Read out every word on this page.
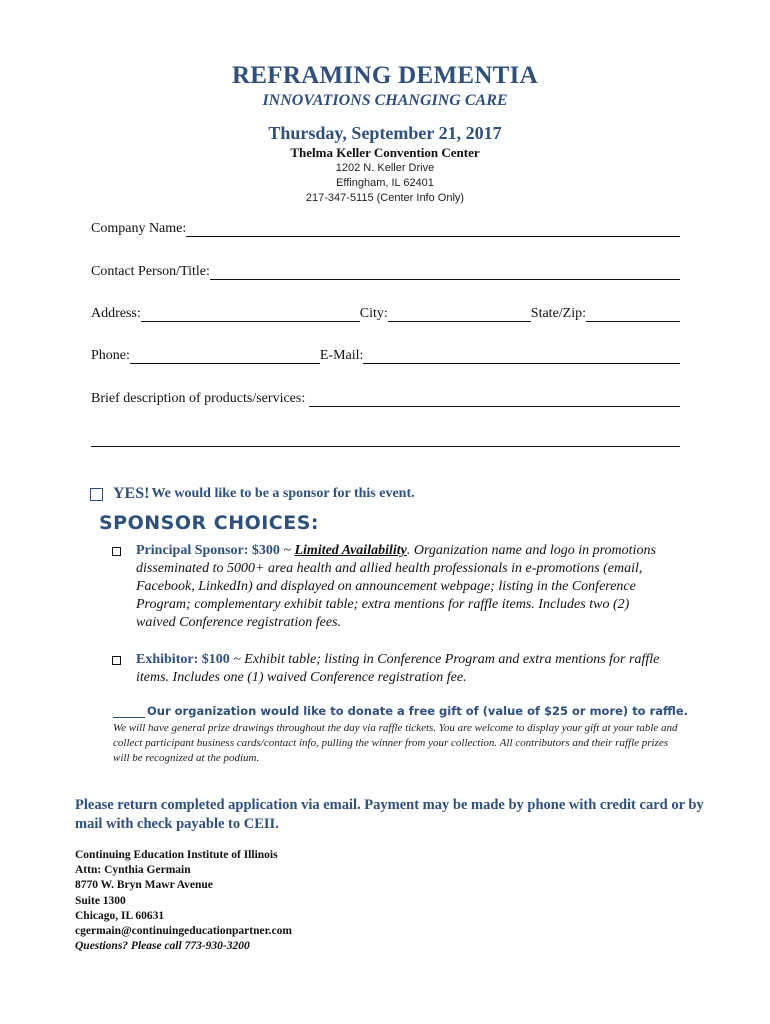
REFRAMING DEMENTIA
INNOVATIONS CHANGING CARE
Thursday, September 21, 2017
Thelma Keller Convention Center
1202 N. Keller Drive
Effingham, IL 62401
217-347-5115 (Center Info Only)
Company Name:
Contact Person/Title:
Address:	City:	State/Zip:
Phone:	E-Mail:
Brief description of products/services:
YES! We would like to be a sponsor for this event.
SPONSOR CHOICES:
Principal Sponsor: $300 ~ Limited Availability. Organization name and logo in promotions disseminated to 5000+ area health and allied health professionals in e-promotions (email, Facebook, LinkedIn) and displayed on announcement webpage; listing in the Conference Program; complementary exhibit table; extra mentions for raffle items. Includes two (2) waived Conference registration fees.
Exhibitor: $100 ~ Exhibit table; listing in Conference Program and extra mentions for raffle items. Includes one (1) waived Conference registration fee.
Our organization would like to donate a free gift of (value of $25 or more) to raffle.
We will have general prize drawings throughout the day via raffle tickets. You are welcome to display your gift at your table and collect participant business cards/contact info, pulling the winner from your collection. All contributors and their raffle prizes will be recognized at the podium.
Please return completed application via email. Payment may be made by phone with credit card or by mail with check payable to CEII.
Continuing Education Institute of Illinois
Attn: Cynthia Germain
8770 W. Bryn Mawr Avenue
Suite 1300
Chicago, IL 60631
cgermain@continuingeducationpartner.com
Questions? Please call 773-930-3200
